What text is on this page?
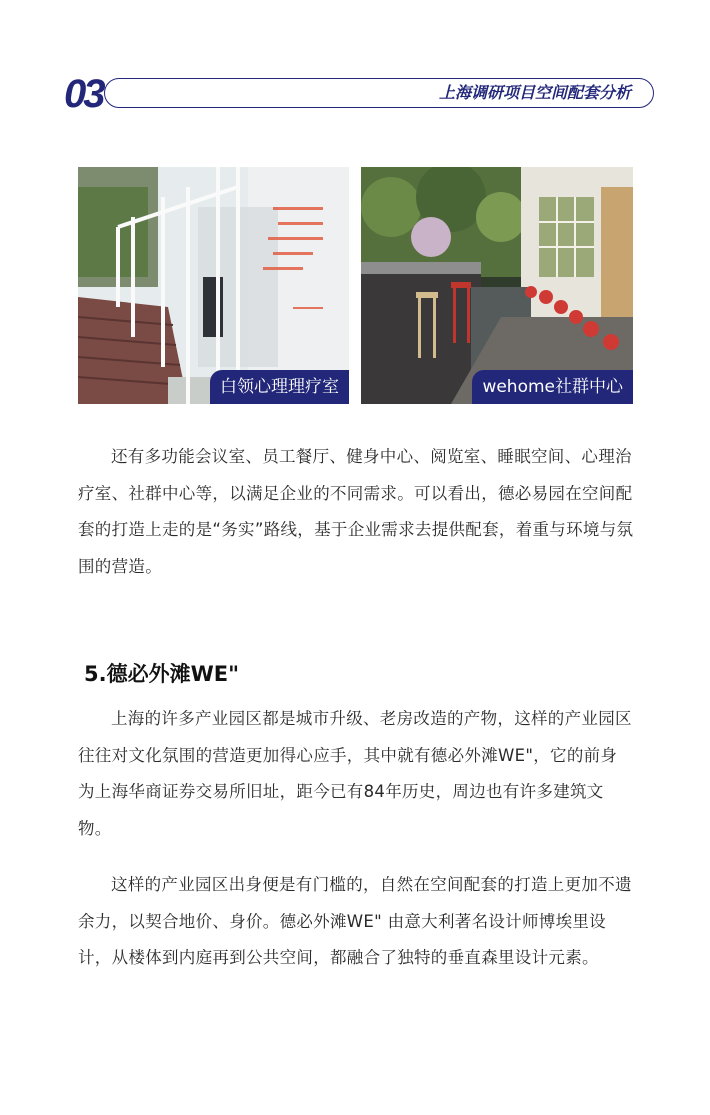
03	上海调研项目空间配套分析
白领心理理疗室	wehome社群中心

还有多功能会议室、员工餐厅、健身中心、阅览室、睡眠空间、心理治疗室、社群中心等，以满足企业的不同需求。可以看出，德必易园在空间配套的打造上走的是“务实”路线，基于企业需求去提供配套，着重与环境与氛围的营造。

5.德必外滩WE"

上海的许多产业园区都是城市升级、老房改造的产物，这样的产业园区往往对文化氛围的营造更加得心应手，其中就有德必外滩WE"，它的前身为上海华商证券交易所旧址，距今已有84年历史，周边也有许多建筑文物。

这样的产业园区出身便是有门槛的，自然在空间配套的打造上更加不遗余力，以契合地价、身价。德必外滩WE" 由意大利著名设计师博埃里设计，从楼体到内庭再到公共空间，都融合了独特的垂直森里设计元素。
